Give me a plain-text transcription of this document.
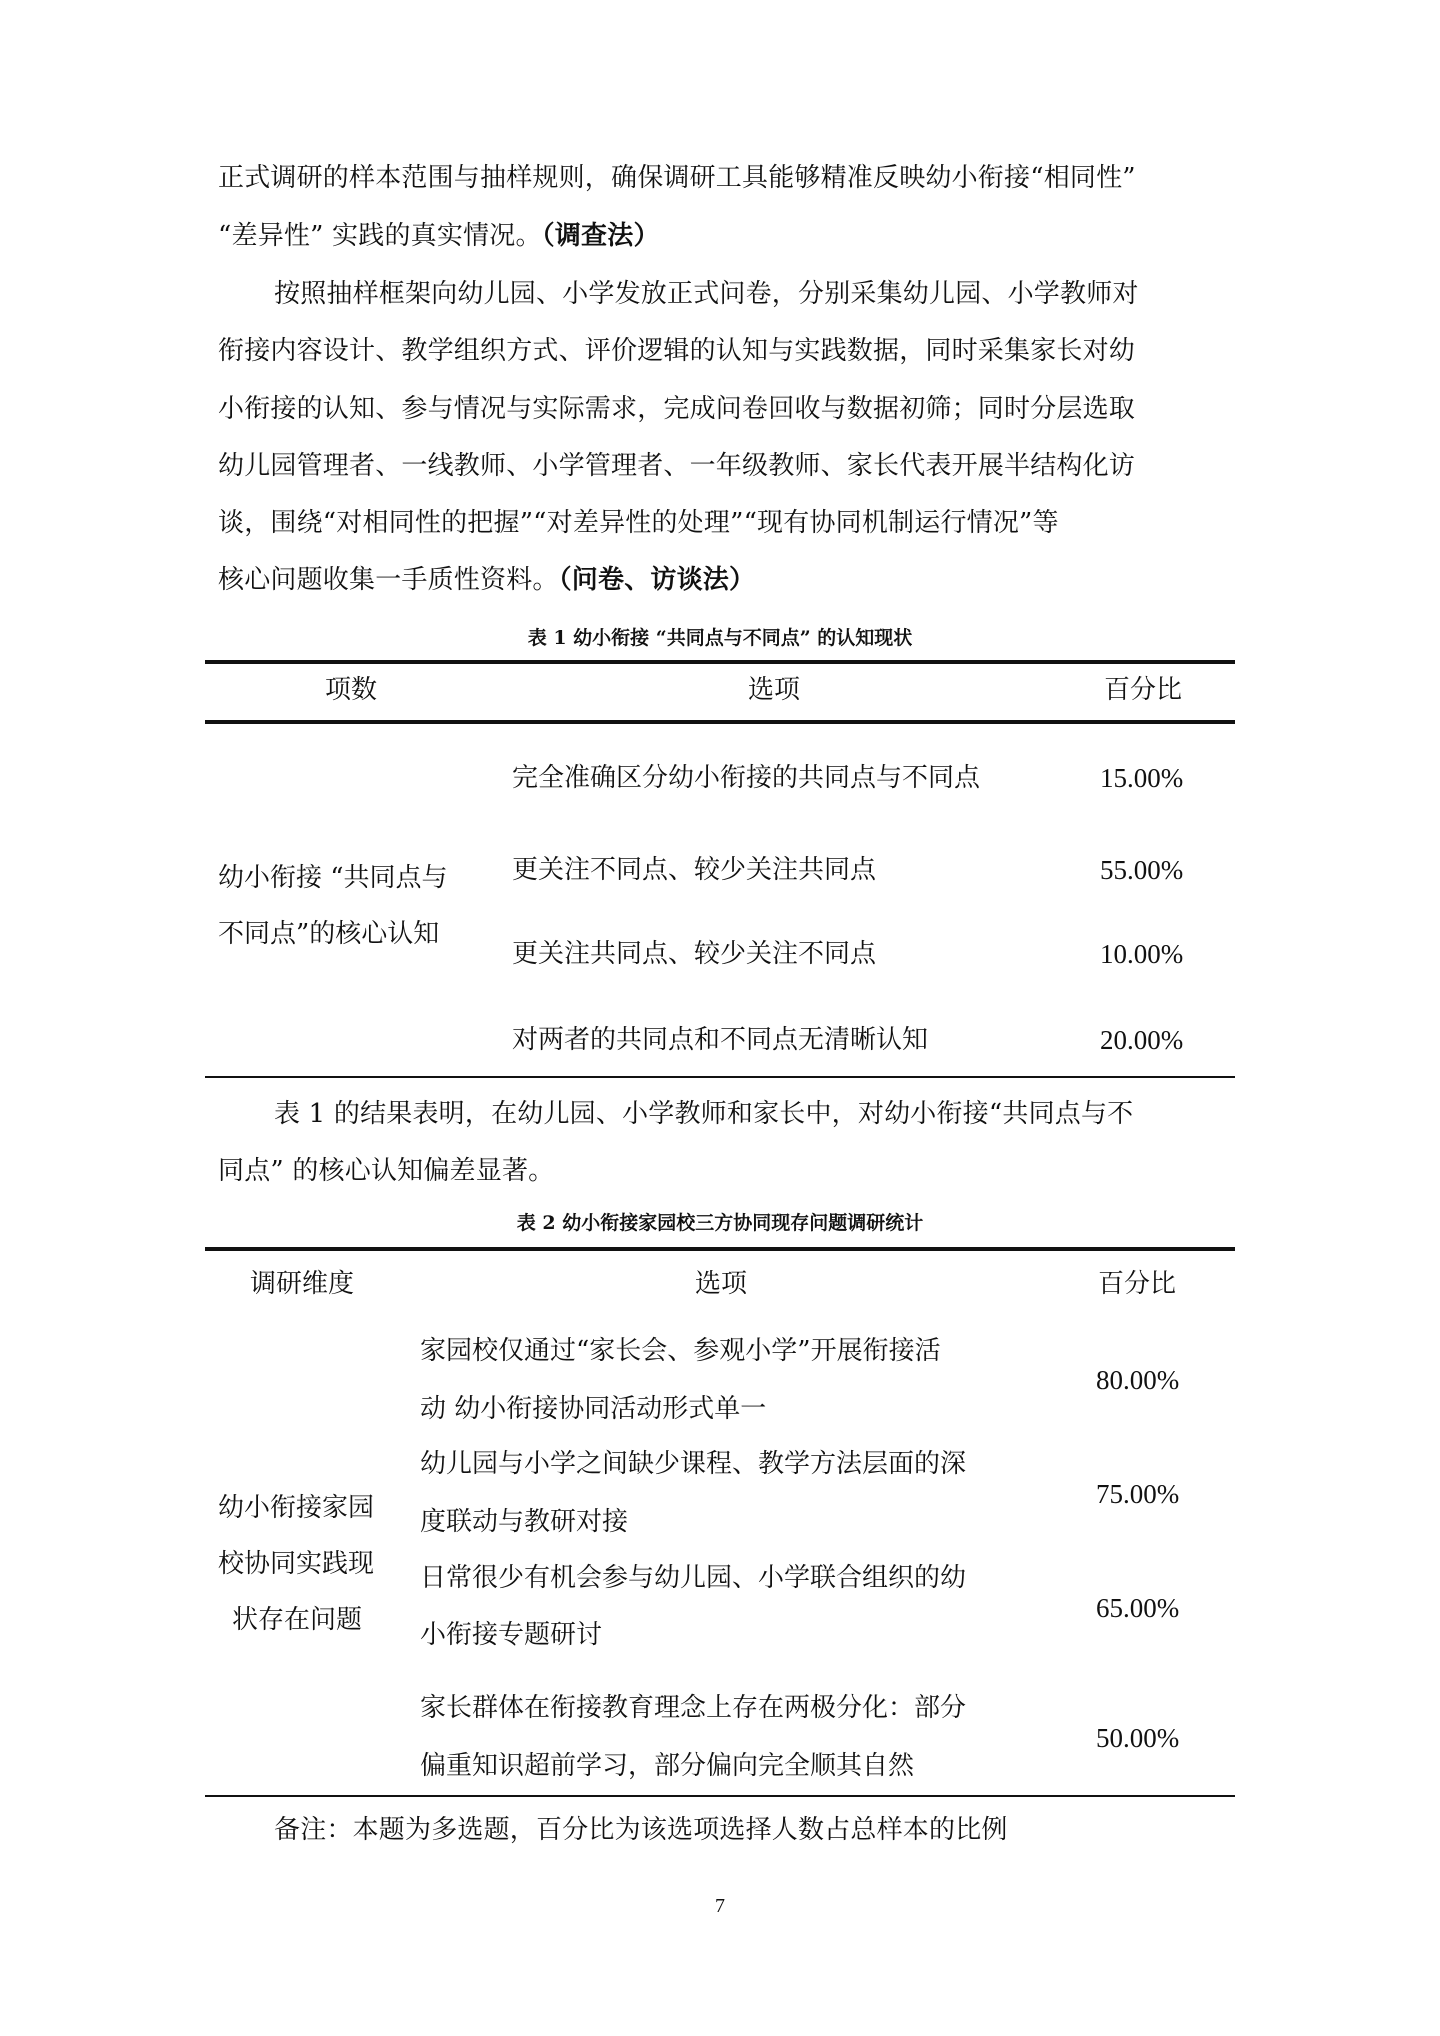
正式调研的样本范围与抽样规则，确保调研工具能够精准反映幼小衔接“相同性”
“差异性” 实践的真实情况。（调查法）
按照抽样框架向幼儿园、小学发放正式问卷，分别采集幼儿园、小学教师对
衔接内容设计、教学组织方式、评价逻辑的认知与实践数据，同时采集家长对幼
小衔接的认知、参与情况与实际需求，完成问卷回收与数据初筛；同时分层选取
幼儿园管理者、一线教师、小学管理者、一年级教师、家长代表开展半结构化访
谈，围绕“对相同性的把握”“对差异性的处理”“现有协同机制运行情况”等
核心问题收集一手质性资料。（问卷、访谈法）
表 1 幼小衔接 “共同点与不同点” 的认知现状
项数	选项	百分比
幼小衔接 “共同点与
不同点”的核心认知
完全准确区分幼小衔接的共同点与不同点	15.00%
更关注不同点、较少关注共同点	55.00%
更关注共同点、较少关注不同点	10.00%
对两者的共同点和不同点无清晰认知	20.00%
表 1 的结果表明，在幼儿园、小学教师和家长中，对幼小衔接“共同点与不
同点” 的核心认知偏差显著。
表 2 幼小衔接家园校三方协同现存问题调研统计
调研维度	选项	百分比
幼小衔接家园
校协同实践现
状存在问题
家园校仅通过“家长会、参观小学”开展衔接活
动 幼小衔接协同活动形式单一
80.00%
幼儿园与小学之间缺少课程、教学方法层面的深
度联动与教研对接
75.00%
日常很少有机会参与幼儿园、小学联合组织的幼
小衔接专题研讨
65.00%
家长群体在衔接教育理念上存在两极分化：部分
偏重知识超前学习，部分偏向完全顺其自然
50.00%
备注：本题为多选题，百分比为该选项选择人数占总样本的比例
7
